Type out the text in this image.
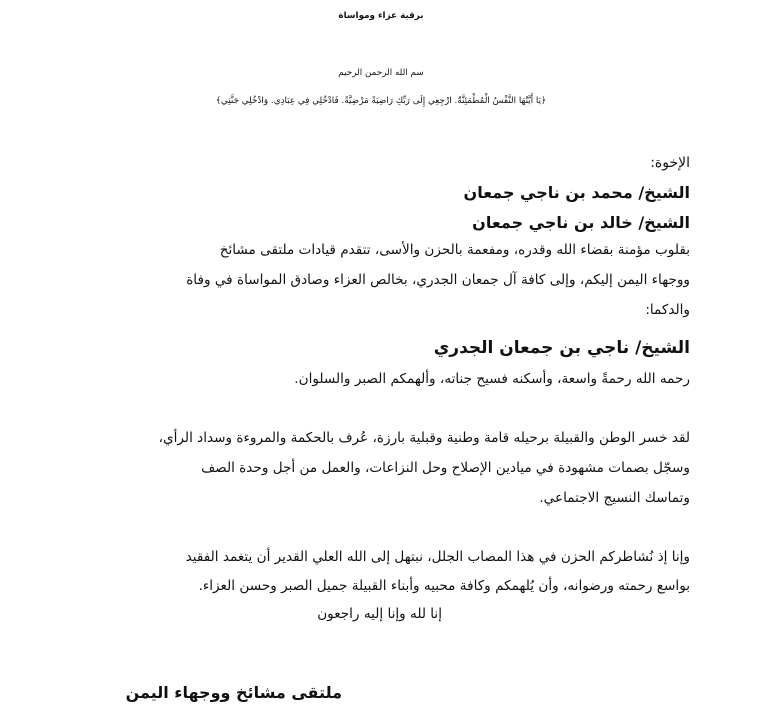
برقية عزاء ومواساة
سم الله الرحمن الرحيم
﴿يَا أَيَّتُهَا النَّفْسُ الْمُطْمَئِنَّةُ. ارْجِعِي إِلَى رَبِّكِ رَاضِيَةً مَرْضِيَّةً. فَادْخُلِي فِي عِبَادِي. وَادْخُلِي جَنَّتِي﴾
الإخوة:
الشيخ/ محمد بن ناجي جمعان
الشيخ/ خالد بن ناجي جمعان
بقلوب مؤمنة بقضاء الله وقدره، ومفعمة بالحزن والأسى، تتقدم قيادات ملتقى مشائخ
ووجهاء اليمن إليكم، وإلى كافة آل جمعان الجدري، بخالص العزاء وصادق المواساة في وفاة
والدكما:
الشيخ/ ناجي بن جمعان الجدري
رحمه الله رحمةً واسعة، وأسكنه فسيح جناته، وألهمكم الصبر والسلوان.
لقد خسر الوطن والقبيلة برحيله قامة وطنية وقبلية بارزة، عُرف بالحكمة والمروءة وسداد الرأي،
وسجّل بصمات مشهودة في ميادين الإصلاح وحل النزاعات، والعمل من أجل وحدة الصف
وتماسك النسيج الاجتماعي.
وإنا إذ نُشاطركم الحزن في هذا المصاب الجلل، نبتهل إلى الله العلي القدير أن يتغمد الفقيد
بواسع رحمته ورضوانه، وأن يُلهمكم وكافة محبيه وأبناء القبيلة جميل الصبر وحسن العزاء.
إنا لله وإنا إليه راجعون
ملتقى مشائخ ووجهاء اليمن
